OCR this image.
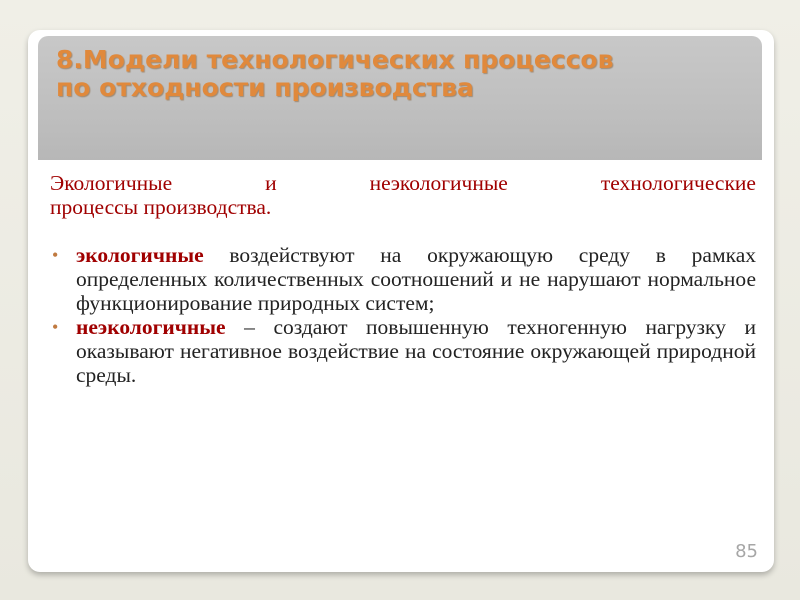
8.Модели технологических процессов
по отходности производства
Экологичные	и	неэкологичные	технологические
процессы производства.
• экологичные воздействуют на окружающую среду в рамках определенных количественных соотношений и не нарушают нормальное функционирование природных систем;
• неэкологичные – создают повышенную техногенную нагрузку и оказывают негативное воздействие на состояние окружающей природной среды.
85
